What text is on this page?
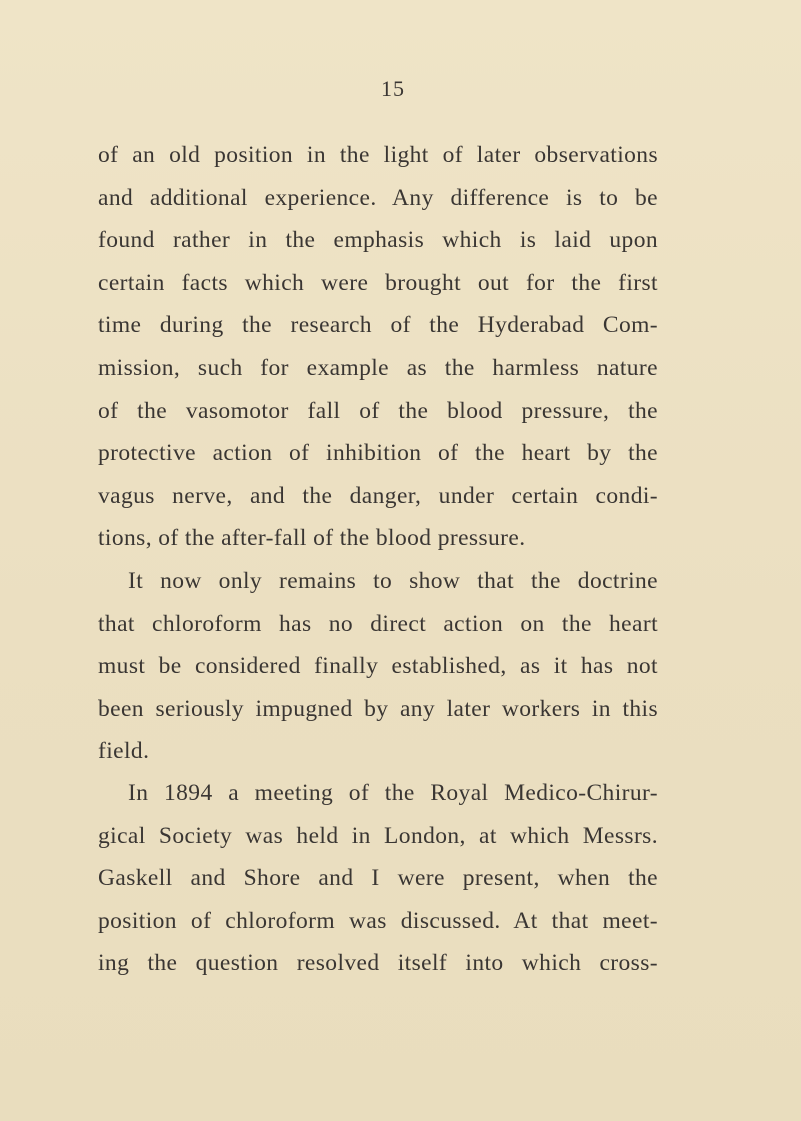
15
of an old position in the light of later observations
and additional experience. Any difference is to be
found rather in the emphasis which is laid upon
certain facts which were brought out for the first
time during the research of the Hyderabad Com-
mission, such for example as the harmless nature
of the vasomotor fall of the blood pressure, the
protective action of inhibition of the heart by the
vagus nerve, and the danger, under certain condi-
tions, of the after-fall of the blood pressure.
It now only remains to show that the doctrine
that chloroform has no direct action on the heart
must be considered finally established, as it has not
been seriously impugned by any later workers in this
field.
In 1894 a meeting of the Royal Medico-Chirur-
gical Society was held in London, at which Messrs.
Gaskell and Shore and I were present, when the
position of chloroform was discussed. At that meet-
ing the question resolved itself into which cross-
